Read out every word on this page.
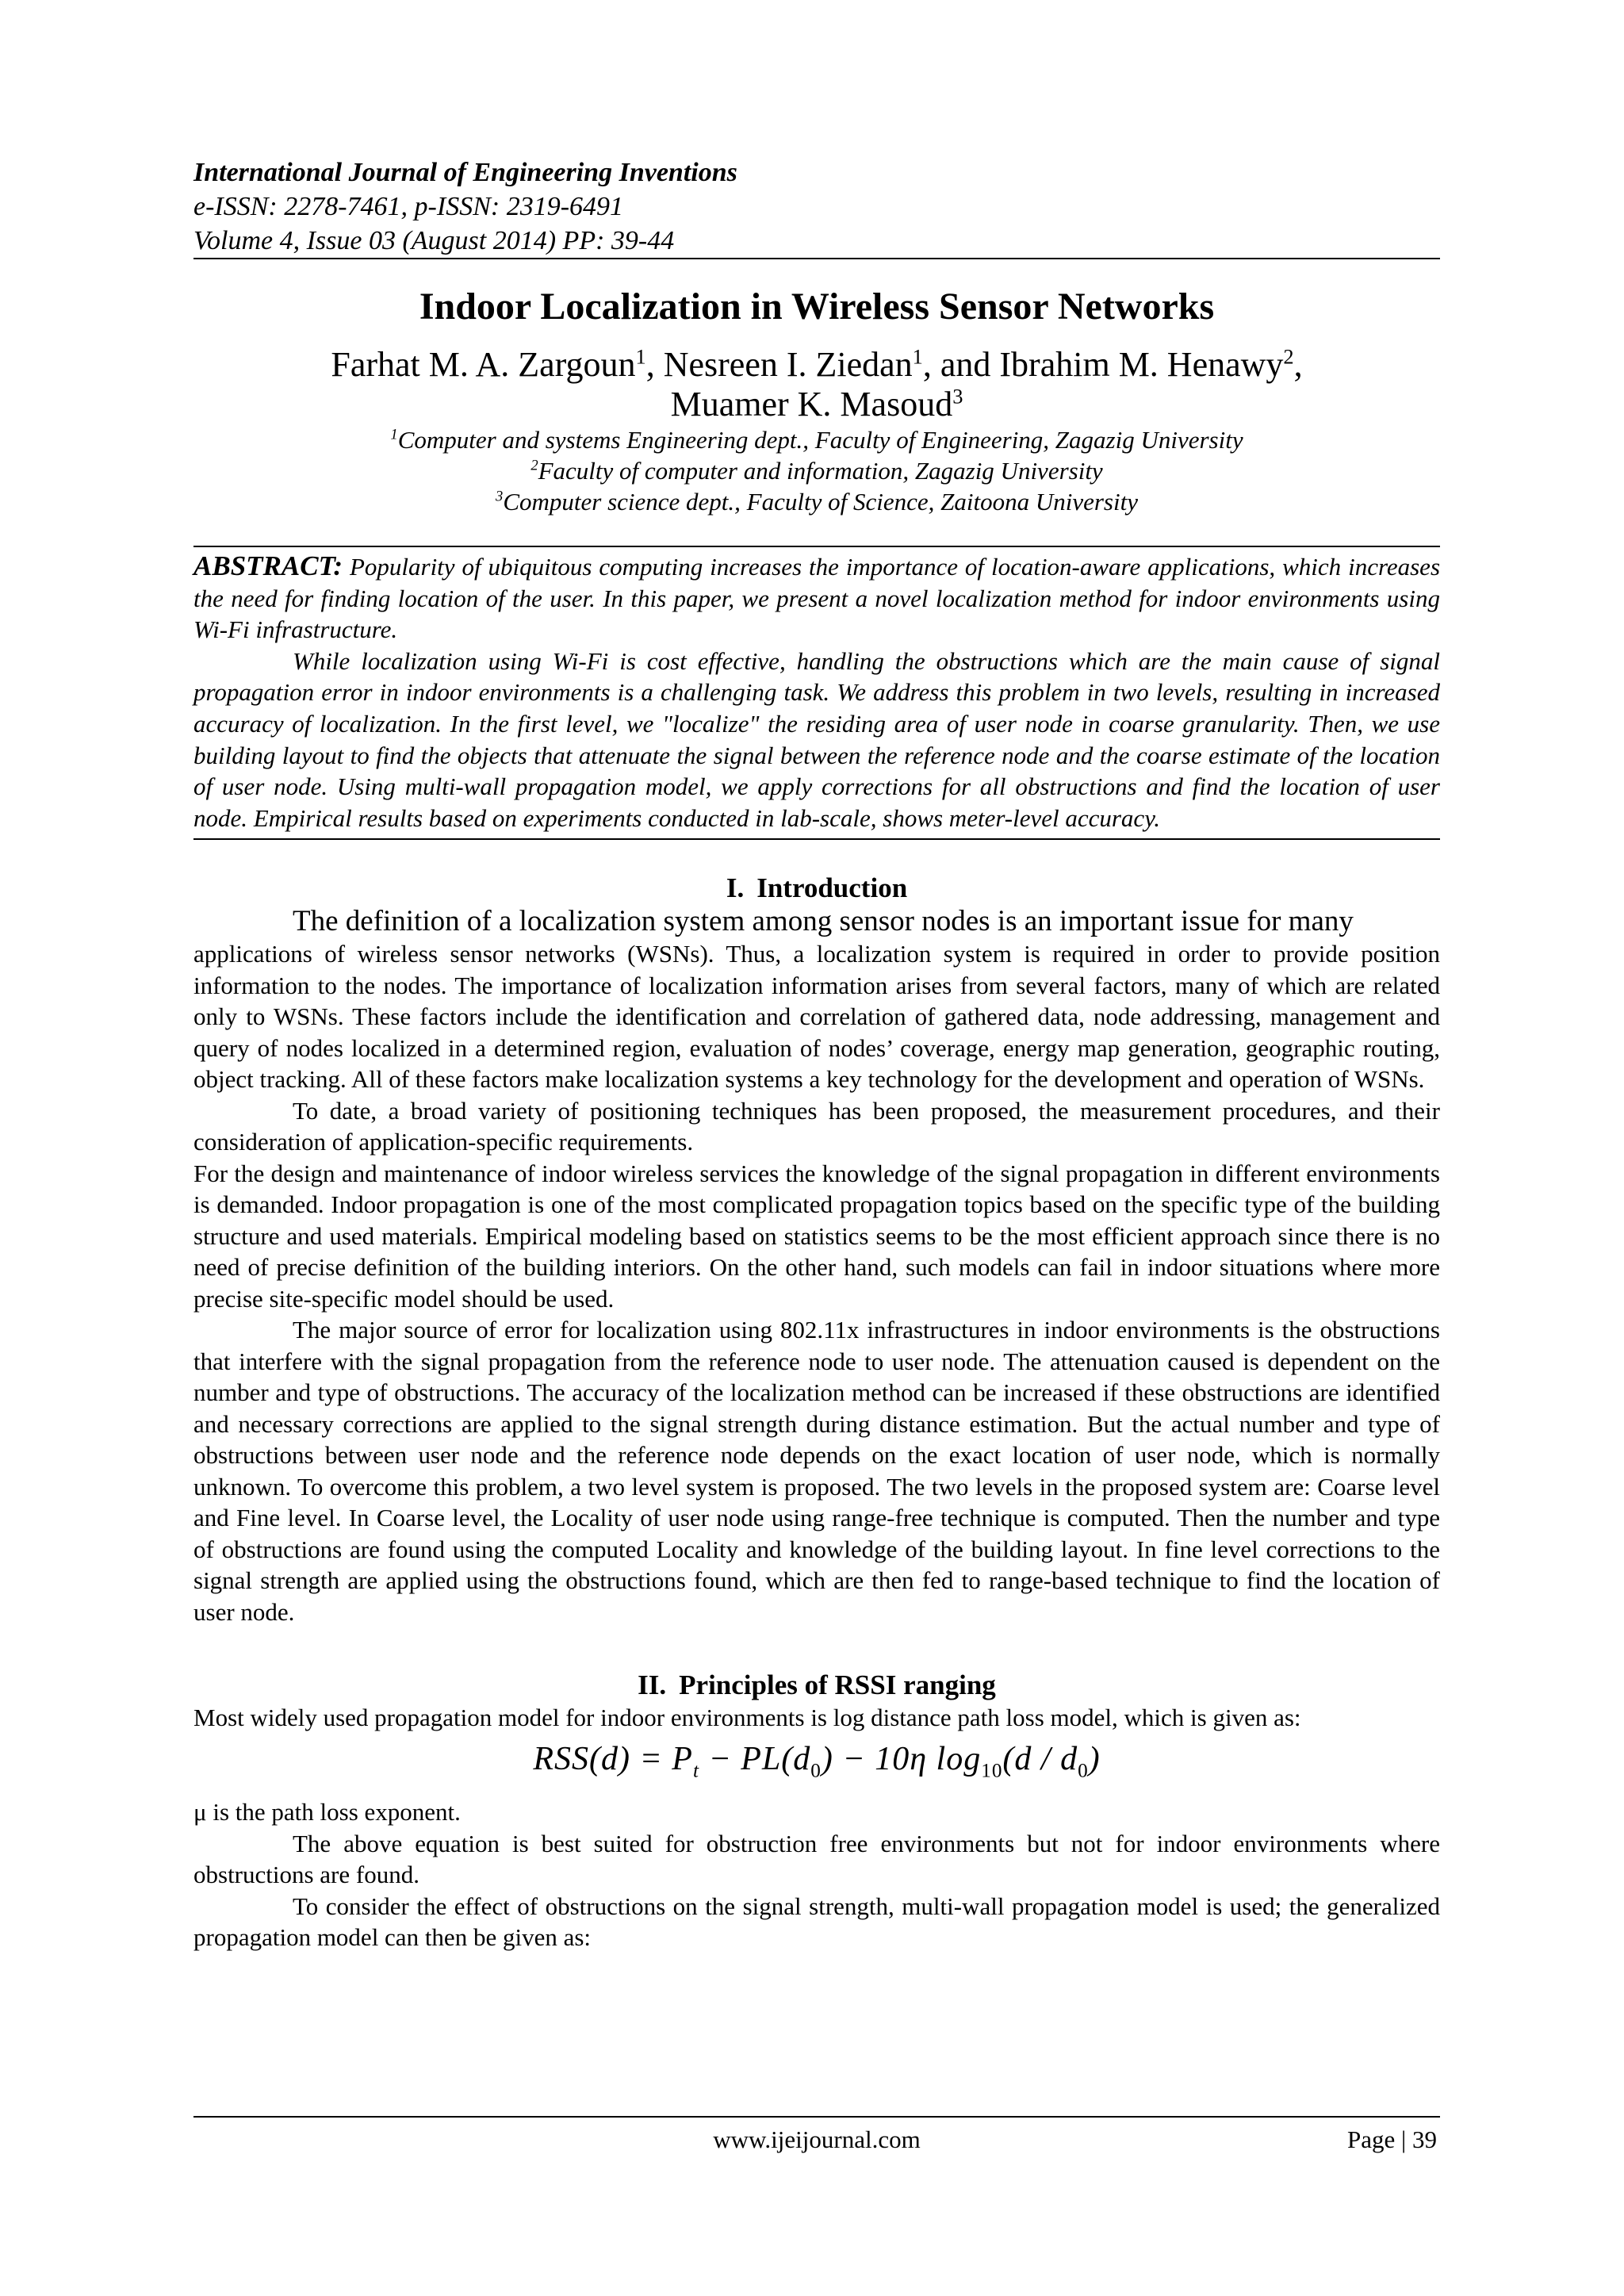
International Journal of Engineering Inventions
e-ISSN: 2278-7461, p-ISSN: 2319-6491
Volume 4, Issue 03 (August 2014) PP: 39-44
Indoor Localization in Wireless Sensor Networks
Farhat M. A. Zargoun$^1$, Nesreen I. Ziedan$^1$, and Ibrahim M. Henawy$^2$,
Muamer K. Masoud$^3$
$^1$Computer and systems Engineering dept., Faculty of Engineering, Zagazig University
$^2$Faculty of computer and information, Zagazig University
$^3$Computer science dept., Faculty of Science, Zaitoona University

ABSTRACT: Popularity of ubiquitous computing increases the importance of location-aware applications, which increases the need for finding location of the user. In this paper, we present a novel localization method for indoor environments using Wi-Fi infrastructure.

While localization using Wi-Fi is cost effective, handling the obstructions which are the main cause of signal propagation error in indoor environments is a challenging task. We address this problem in two levels, resulting in increased accuracy of localization. In the first level, we "localize" the residing area of user node in coarse granularity. Then, we use building layout to find the objects that attenuate the signal between the reference node and the coarse estimate of the location of user node. Using multi-wall propagation model, we apply corrections for all obstructions and find the location of user node. Empirical results based on experiments conducted in lab-scale, shows meter-level accuracy.

I. Introduction

The definition of a localization system among sensor nodes is an important issue for many

applications of wireless sensor networks (WSNs). Thus, a localization system is required in order to provide position information to the nodes. The importance of localization information arises from several factors, many of which are related only to WSNs. These factors include the identification and correlation of gathered data, node addressing, management and query of nodes localized in a determined region, evaluation of nodes’ coverage, energy map generation, geographic routing, object tracking. All of these factors make localization systems a key technology for the development and operation of WSNs.

To date, a broad variety of positioning techniques has been proposed, the measurement procedures, and their consideration of application-specific requirements.

For the design and maintenance of indoor wireless services the knowledge of the signal propagation in different environments is demanded. Indoor propagation is one of the most complicated propagation topics based on the specific type of the building structure and used materials. Empirical modeling based on statistics seems to be the most efficient approach since there is no need of precise definition of the building interiors. On the other hand, such models can fail in indoor situations where more precise site-specific model should be used.

The major source of error for localization using 802.11x infrastructures in indoor environments is the obstructions that interfere with the signal propagation from the reference node to user node. The attenuation caused is dependent on the number and type of obstructions. The accuracy of the localization method can be increased if these obstructions are identified and necessary corrections are applied to the signal strength during distance estimation. But the actual number and type of obstructions between user node and the reference node depends on the exact location of user node, which is normally unknown. To overcome this problem, a two level system is proposed. The two levels in the proposed system are: Coarse level and Fine level. In Coarse level, the Locality of user node using range-free technique is computed. Then the number and type of obstructions are found using the computed Locality and knowledge of the building layout. In fine level corrections to the signal strength are applied using the obstructions found, which are then fed to range-based technique to find the location of user node.

II. Principles of RSSI ranging

Most widely used propagation model for indoor environments is log distance path loss model, which is given as:

$RSS(d) = P_t - PL(d_0) - 10\eta$ $\log_{10}(d / d_0)$

μ is the path loss exponent.

The above equation is best suited for obstruction free environments but not for indoor environments where obstructions are found.

To consider the effect of obstructions on the signal strength, multi-wall propagation model is used; the generalized propagation model can then be given as:

www.ijeijournal.com	Page | 39
